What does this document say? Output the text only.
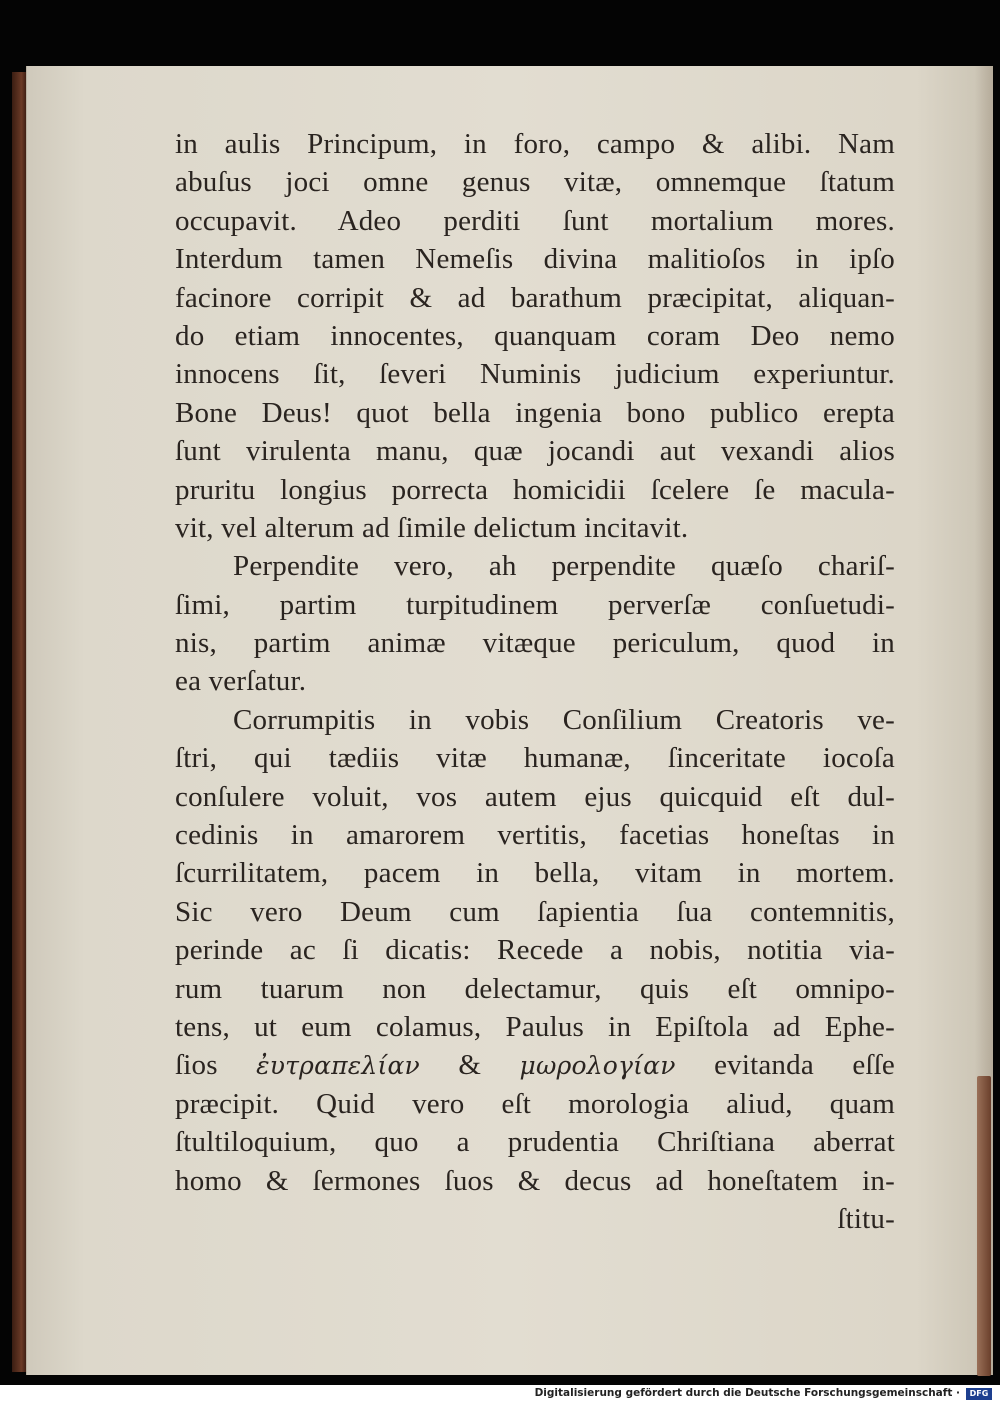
in aulis Principum, in foro, campo & alibi. Nam
abuſus joci omne genus vitæ, omnemque ſtatum
occupavit. Adeo perditi ſunt mortalium mores.
Interdum tamen Nemeſis divina malitioſos in ipſo
facinore corripit & ad barathum præcipitat, aliquan-
do etiam innocentes, quanquam coram Deo nemo
innocens ſit, ſeveri Numinis judicium experiuntur.
Bone Deus! quot bella ingenia bono publico erepta
ſunt virulenta manu, quæ jocandi aut vexandi alios
pruritu longius porrecta homicidii ſcelere ſe macula-
vit, vel alterum ad ſimile delictum incitavit.
Perpendite vero, ah perpendite quæſo chariſ-
ſimi, partim turpitudinem perverſæ conſuetudi-
nis, partim animæ vitæque periculum, quod in
ea verſatur.
Corrumpitis in vobis Conſilium Creatoris ve-
ſtri, qui tædiis vitæ humanæ, ſinceritate iocoſa
conſulere voluit, vos autem ejus quicquid eſt dul-
cedinis in amarorem vertitis, facetias honeſtas in
ſcurrilitatem, pacem in bella, vitam in mortem.
Sic vero Deum cum ſapientia ſua contemnitis,
perinde ac ſi dicatis: Recede a nobis, notitia via-
rum tuarum non delectamur, quis eſt omnipo-
tens, ut eum colamus, Paulus in Epiſtola ad Ephe-
ſios ἐυτραπελίαν & μωρολογίαν evitanda eſſe
præcipit. Quid vero eſt morologia aliud, quam
ſtultiloquium, quo a prudentia Chriſtiana aberrat
homo & ſermones ſuos & decus ad honeſtatem in-
ſtitu-
Digitalisierung gefördert durch die Deutsche Forschungsgemeinschaft ·	DFG
